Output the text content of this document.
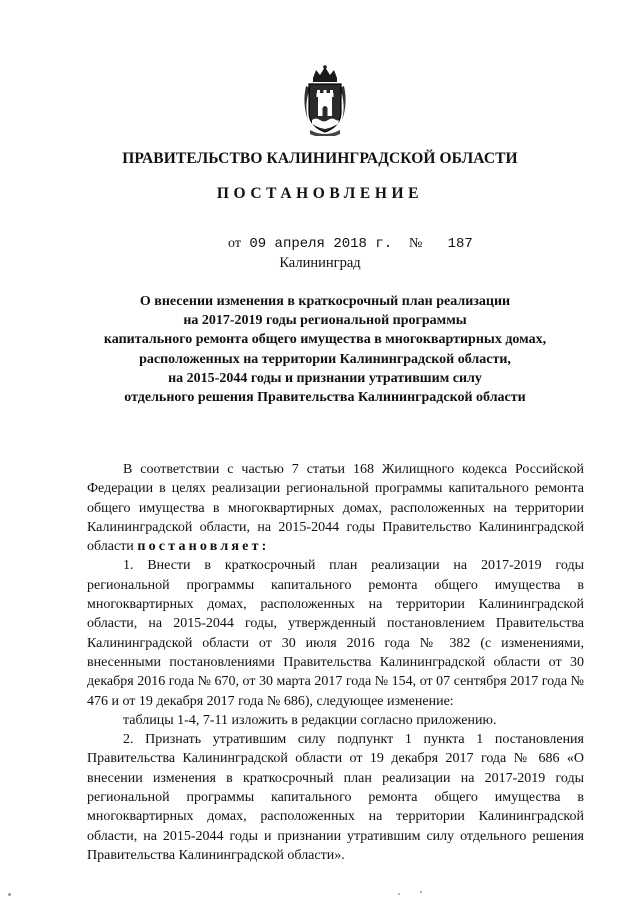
ПРАВИТЕЛЬСТВО КАЛИНИНГРАДСКОЙ ОБЛАСТИ
ПОСТАНОВЛЕНИЕ
от 09 апреля 2018 г. № 187
Калининград
О внесении изменения в краткосрочный план реализации
на 2017-2019 годы региональной программы
капитального ремонта общего имущества в многоквартирных домах,
расположенных на территории Калининградской области,
на 2015-2044 годы и признании утратившим силу
отдельного решения Правительства Калининградской области

В соответствии с частью 7 статьи 168 Жилищного кодекса Российской Федерации в целях реализации региональной программы капитального ремонта общего имущества в многоквартирных домах, расположенных на территории Калининградской области, на 2015-2044 годы Правительство Калининградской области постановляет:

1. Внести в краткосрочный план реализации на 2017-2019 годы региональной программы капитального ремонта общего имущества в многоквартирных домах, расположенных на территории Калининградской области, на 2015-2044 годы, утвержденный постановлением Правительства Калининградской области от 30 июля 2016 года № 382 (с изменениями, внесенными постановлениями Правительства Калининградской области от 30 декабря 2016 года № 670, от 30 марта 2017 года № 154, от 07 сентября 2017 года № 476 и от 19 декабря 2017 года № 686), следующее изменение:

таблицы 1-4, 7-11 изложить в редакции согласно приложению.

2. Признать утратившим силу подпункт 1 пункта 1 постановления Правительства Калининградской области от 19 декабря 2017 года № 686 «О внесении изменения в краткосрочный план реализации на 2017-2019 годы региональной программы капитального ремонта общего имущества в многоквартирных домах, расположенных на территории Калининградской области, на 2015-2044 годы и признании утратившим силу отдельного решения Правительства Калининградской области».
